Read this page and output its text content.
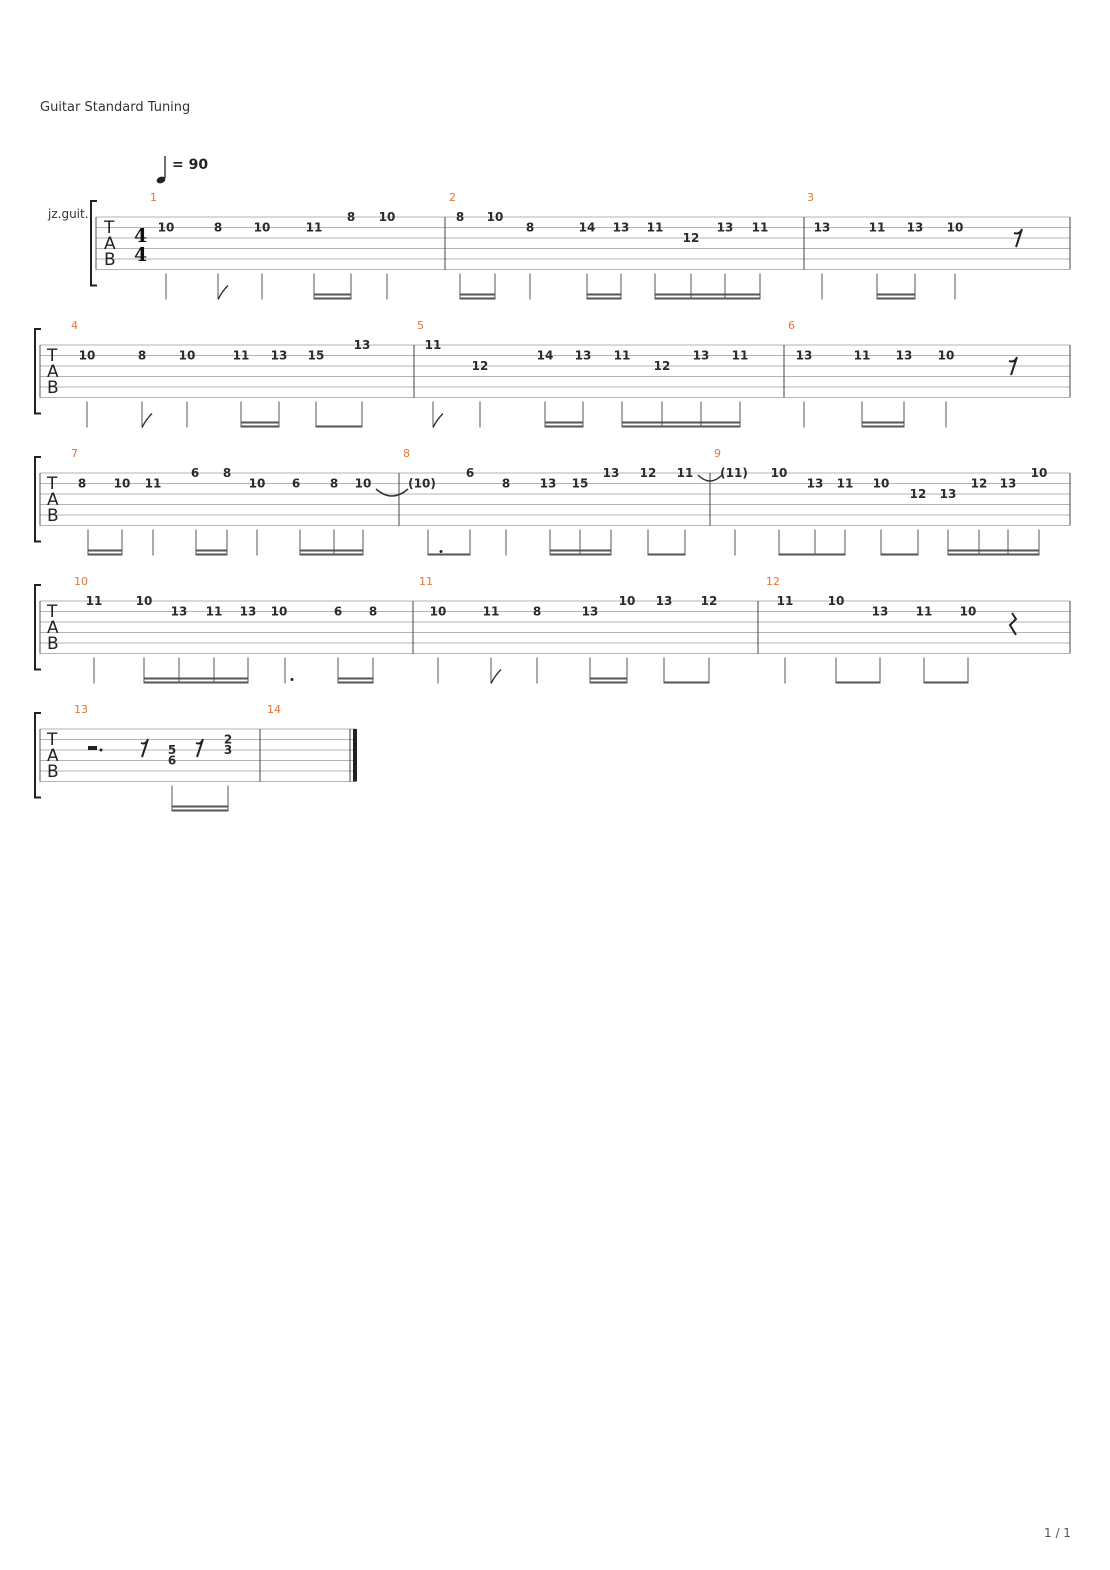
Guitar Standard Tuning
1 / 1
= 90
jz.guit.
T
A
B
4
4
1
10	8	10	11
8 10
2
8 10
8	14 13 11
12
13 11
3
13	11 13 10
T
A
B
4
10	8	10	11 13 15
13
5
11
12
14 13 11
12
13 11
6
13	11 13 10
T
A
B
7
8 10 11
6 8
10 6 8 10
8
(10)
6
8 13 15
13 12 11
9
(11) 10
13 11 10
12 13
12 13
10
T
A
B
10
11	10
13 11 13 10	6 8
11
10	11	8	13
10 13 12
12
11	10
13 11 10
T
A
B
13
5
6
2
3
14
